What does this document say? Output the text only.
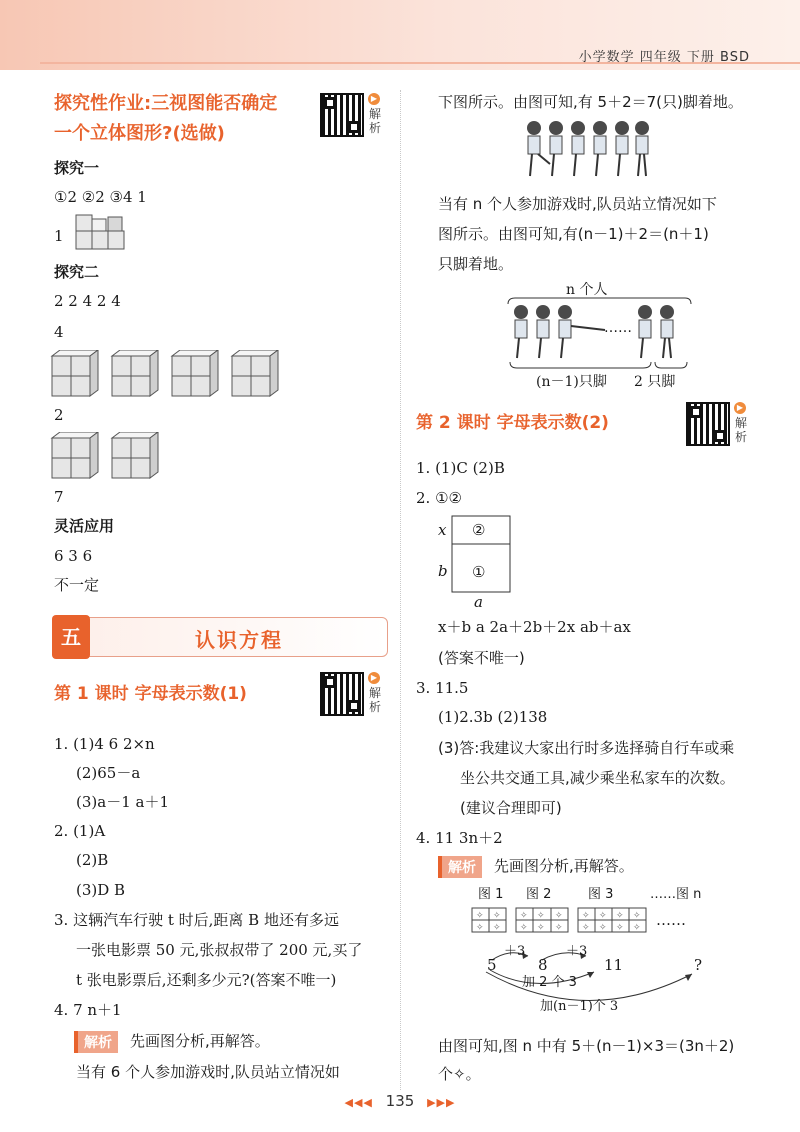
小学数学 四年级 下册 BSD
探究性作业:三视图能否确定
一个立体图形?(选做)
▶
解析
探究一
①2 ②2 ③4 1
1
探究二
2 2 4 2 4
4
2
7
灵活应用
6 3 6
不一定
五	认识方程
第 1 课时 字母表示数(1)
▶
解析
1. (1)4 6 2×n
(2)65－a
(3)a－1 a＋1
2. (1)A
(2)B
(3)D B
3. 这辆汽车行驶 t 时后,距离 B 地还有多远
一张电影票 50 元,张叔叔带了 200 元,买了
t 张电影票后,还剩多少元?(答案不唯一)
4. 7 n＋1
解析	先画图分析,再解答。
当有 6 个人参加游戏时,队员站立情况如
下图所示。由图可知,有 5＋2＝7(只)脚着地。
当有 n 个人参加游戏时,队员站立情况如下
图所示。由图可知,有(n－1)＋2＝(n＋1)
只脚着地。
n 个人
……
(n－1)只脚 2 只脚
第 2 课时 字母表示数(2)
▶
解析
1. (1)C (2)B
2. ①②
x
b
a
②
①
x＋b a 2a＋2b＋2x ab＋ax
(答案不唯一)
3. 11.5
(1)2.3b (2)138
(3)答:我建议大家出行时多选择骑自行车或乘
坐公共交通工具,减少乘坐私家车的次数。
(建议合理即可)
4. 11 3n＋2
解析	先画图分析,再解答。
图 1 图 2	图 3	……图 n
✧ ✧
✧ ✧
✧ ✧ ✧
✧ ✧ ✧
✧ ✧ ✧ ✧
✧ ✧ ✧ ✧ ……
5	8	11	?
＋3	＋3
加 2 个 3
加(n－1)个 3
由图可知,图 n 中有 5＋(n－1)×3＝(3n＋2)
个✧。
◀◀◀ 135 ▶▶▶
